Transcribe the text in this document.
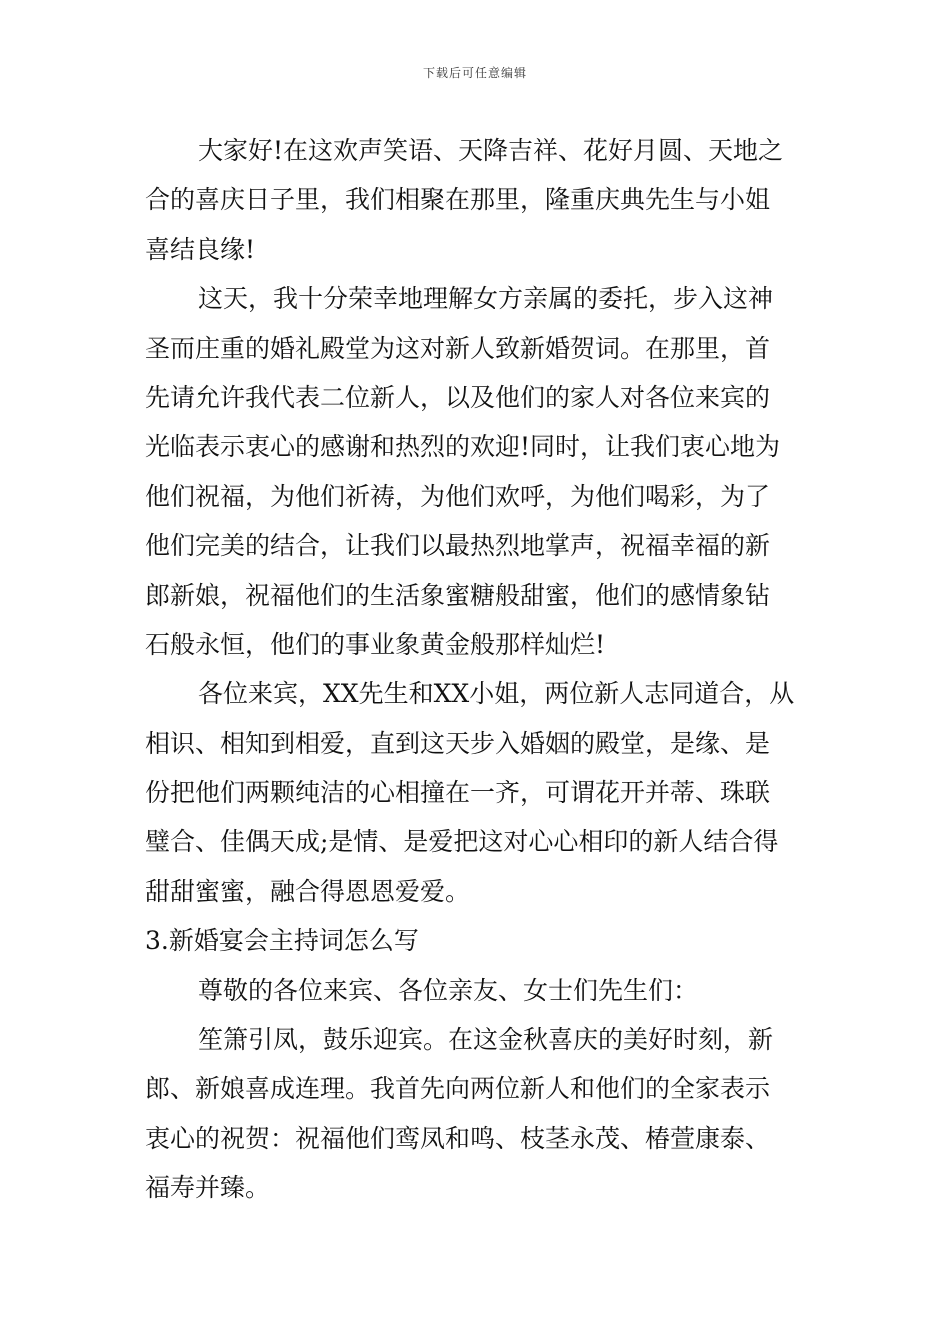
下载后可任意编辑
大家好!在这欢声笑语、天降吉祥、花好月圆、天地之
合的喜庆日子里，我们相聚在那里，隆重庆典先生与小姐
喜结良缘!
这天，我十分荣幸地理解女方亲属的委托，步入这神
圣而庄重的婚礼殿堂为这对新人致新婚贺词。在那里，首
先请允许我代表二位新人，以及他们的家人对各位来宾的
光临表示衷心的感谢和热烈的欢迎!同时，让我们衷心地为
他们祝福，为他们祈祷，为他们欢呼，为他们喝彩，为了
他们完美的结合，让我们以最热烈地掌声，祝福幸福的新
郎新娘，祝福他们的生活象蜜糖般甜蜜，他们的感情象钻
石般永恒，他们的事业象黄金般那样灿烂!
各位来宾，XX先生和XX小姐，两位新人志同道合，从
相识、相知到相爱，直到这天步入婚姻的殿堂，是缘、是
份把他们两颗纯洁的心相撞在一齐，可谓花开并蒂、珠联
璧合、佳偶天成;是情、是爱把这对心心相印的新人结合得
甜甜蜜蜜，融合得恩恩爱爱。
3.新婚宴会主持词怎么写
尊敬的各位来宾、各位亲友、女士们先生们：
笙箫引凤，鼓乐迎宾。在这金秋喜庆的美好时刻，新
郎、新娘喜成连理。我首先向两位新人和他们的全家表示
衷心的祝贺：祝福他们鸾凤和鸣、枝茎永茂、椿萱康泰、
福寿并臻。
